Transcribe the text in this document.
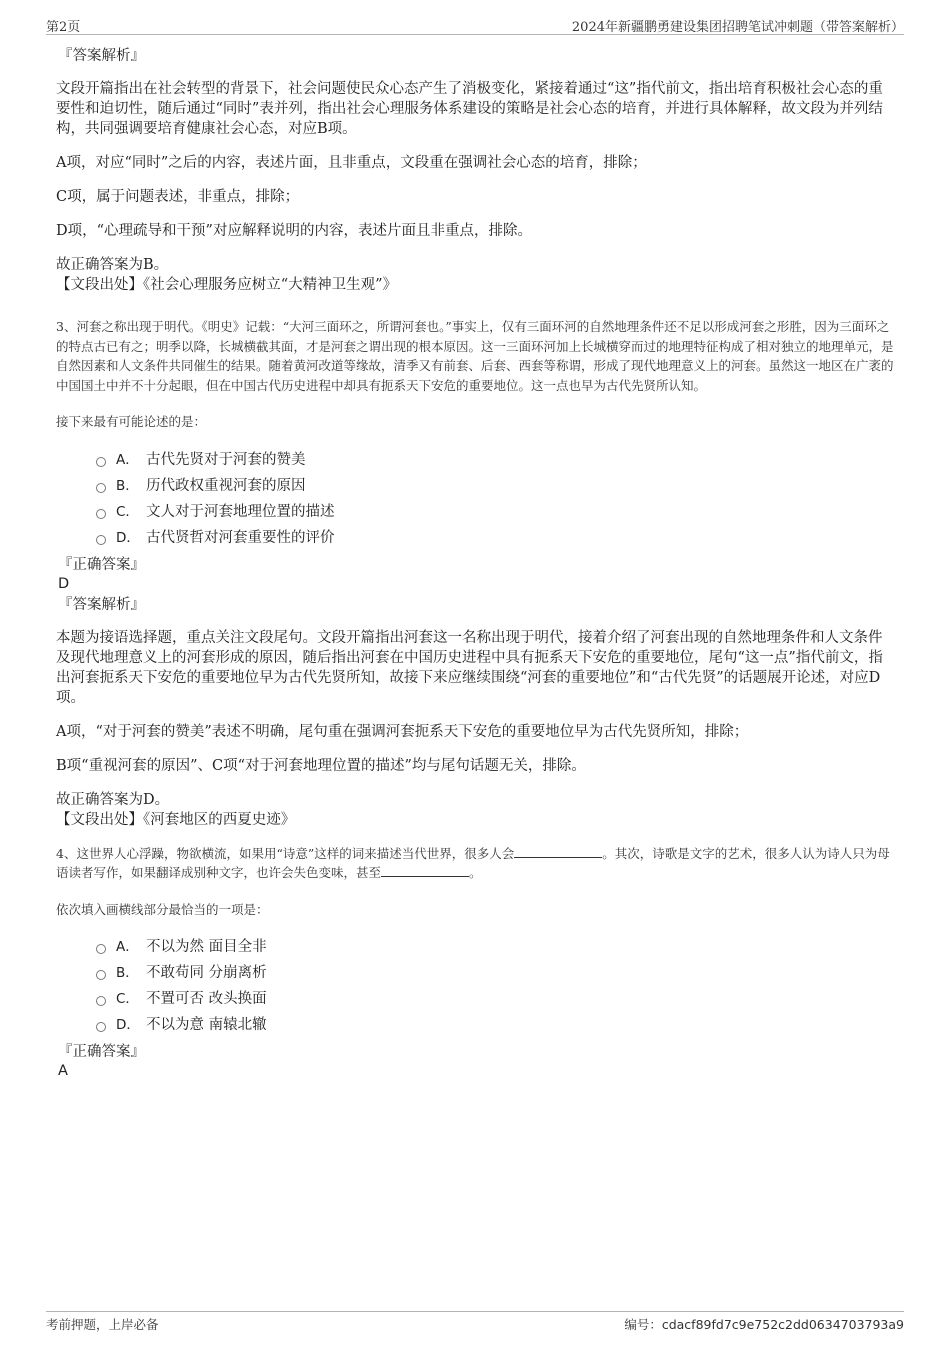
第2页	2024年新疆鹏勇建设集团招聘笔试冲刺题（带答案解析）
『答案解析』

文段开篇指出在社会转型的背景下，社会问题使民众心态产生了消极变化，紧接着通过“这”指代前文，指出培育积极社会心态的重要性和迫切性，随后通过“同时”表并列，指出社会心理服务体系建设的策略是社会心态的培育，并进行具体解释，故文段为并列结构，共同强调要培育健康社会心态，对应B项。

A项，对应“同时”之后的内容，表述片面，且非重点，文段重在强调社会心态的培育，排除；

C项，属于问题表述，非重点，排除；

D项，“心理疏导和干预”对应解释说明的内容，表述片面且非重点，排除。

故正确答案为B。

【文段出处】《社会心理服务应树立“大精神卫生观”》

3、河套之称出现于明代。《明史》记载：“大河三面环之，所谓河套也。”事实上，仅有三面环河的自然地理条件还不足以形成河套之形胜，因为三面环之的特点古已有之；明季以降，长城横截其面，才是河套之谓出现的根本原因。这一三面环河加上长城横穿而过的地理特征构成了相对独立的地理单元，是自然因素和人文条件共同催生的结果。随着黄河改道等缘故，清季又有前套、后套、西套等称谓，形成了现代地理意义上的河套。虽然这一地区在广袤的中国国土中并不十分起眼，但在中国古代历史进程中却具有扼系天下安危的重要地位。这一点也早为古代先贤所认知。

接下来最有可能论述的是：

A． 古代先贤对于河套的赞美
B． 历代政权重视河套的原因
C． 文人对于河套地理位置的描述
D． 古代贤哲对河套重要性的评价
『正确答案』
D
『答案解析』

本题为接语选择题，重点关注文段尾句。文段开篇指出河套这一名称出现于明代，接着介绍了河套出现的自然地理条件和人文条件及现代地理意义上的河套形成的原因，随后指出河套在中国历史进程中具有扼系天下安危的重要地位，尾句“这一点”指代前文，指出河套扼系天下安危的重要地位早为古代先贤所知，故接下来应继续围绕“河套的重要地位”和“古代先贤”的话题展开论述，对应D项。

A项，“对于河套的赞美”表述不明确，尾句重在强调河套扼系天下安危的重要地位早为古代先贤所知，排除；

B项“重视河套的原因”、C项“对于河套地理位置的描述”均与尾句话题无关，排除。

故正确答案为D。

【文段出处】《河套地区的西夏史迹》

4、这世界人心浮躁，物欲横流，如果用“诗意”这样的词来描述当代世界，很多人会	。其次，诗歌是文字的艺术，很多人认为诗人只为母语读者写作，如果翻译成别种文字，也许会失色变味，甚至	。

依次填入画横线部分最恰当的一项是：

A． 不以为然 面目全非
B． 不敢苟同 分崩离析
C． 不置可否 改头换面
D． 不以为意 南辕北辙
『正确答案』
A
考前押题，上岸必备	编号：cdacf89fd7c9e752c2dd0634703793a9
